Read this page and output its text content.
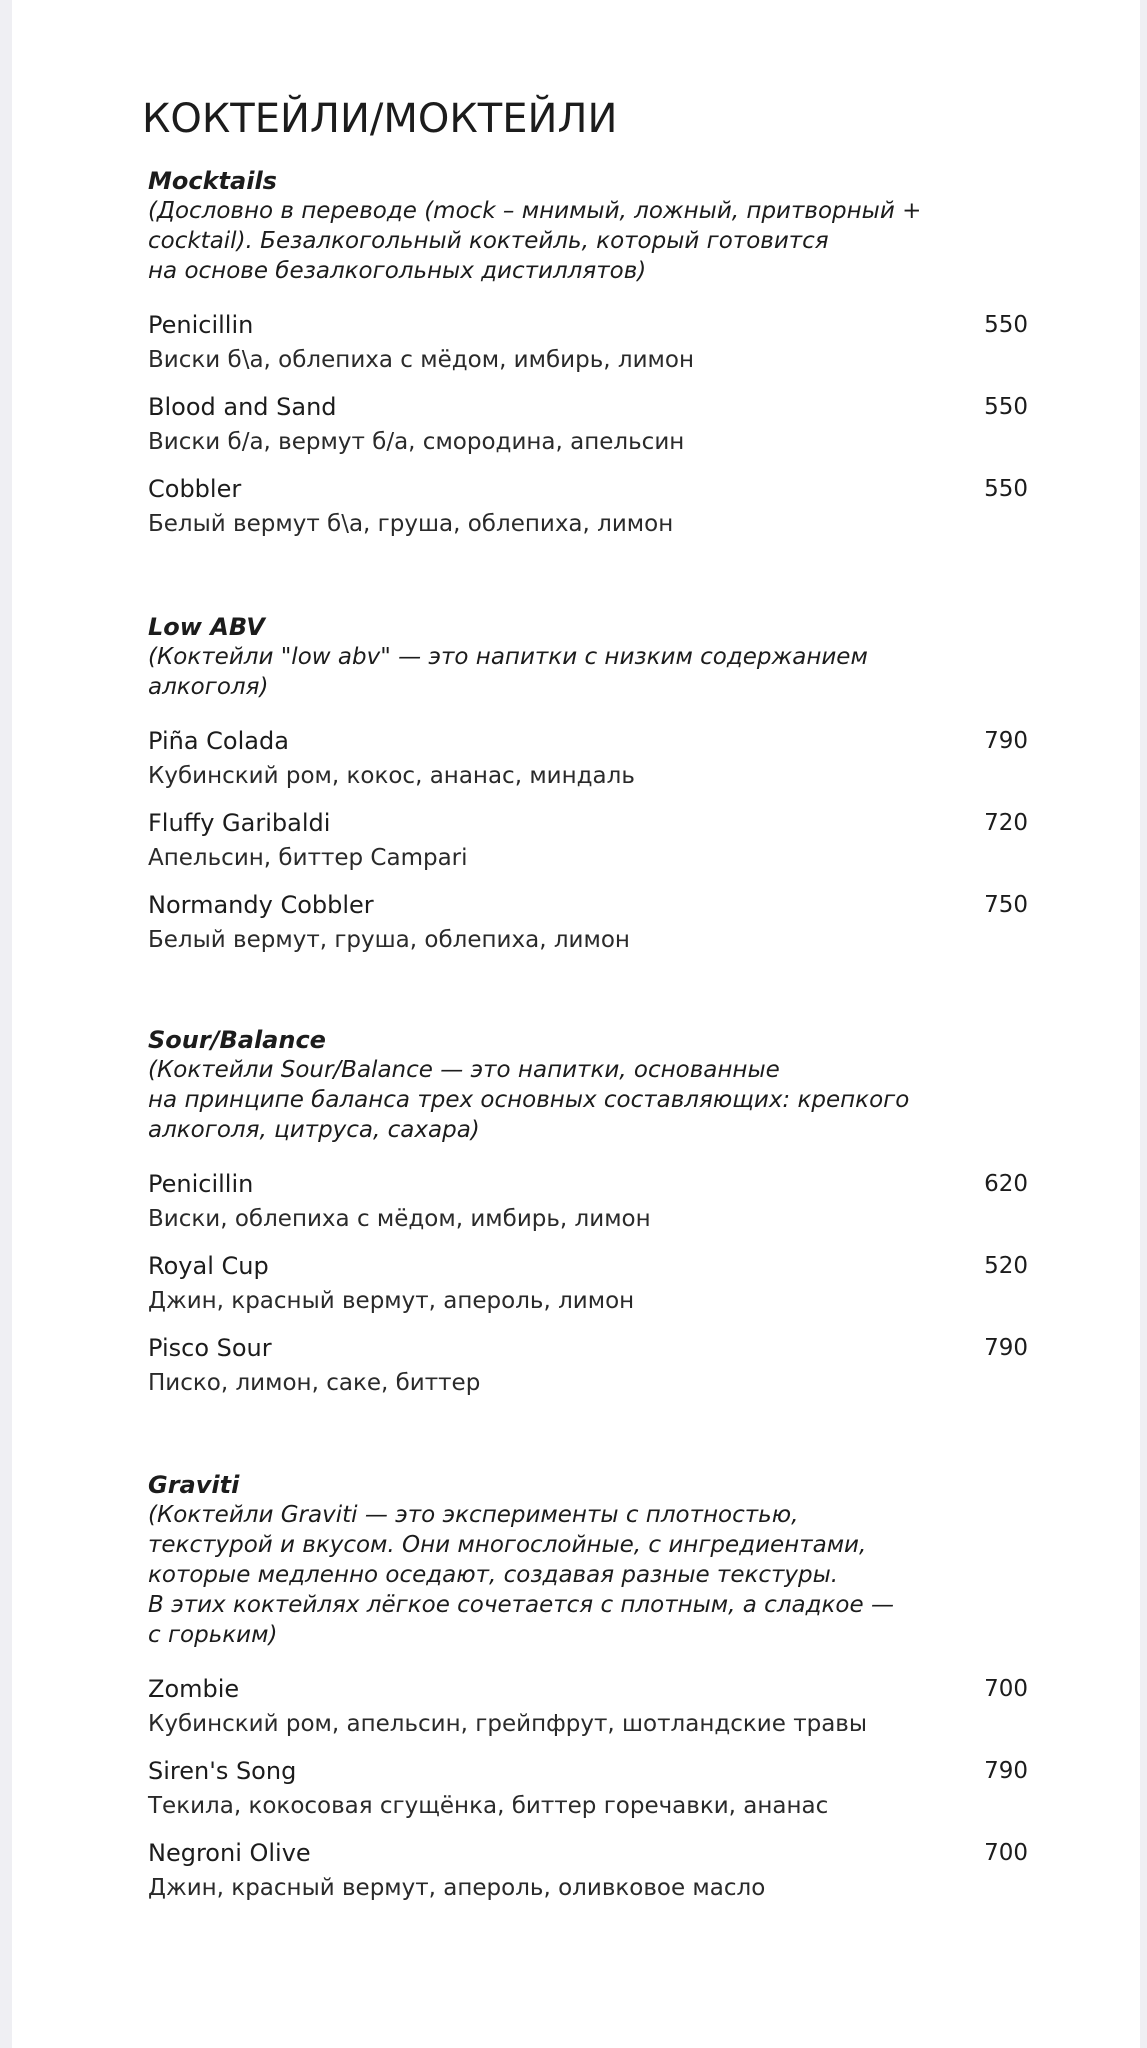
КОКТЕЙЛИ/МОКТЕЙЛИ

Mocktails

(Дословно в переводе (mock – мнимый, ложный, притворный +
cocktail). Безалкогольный коктейль, который готовится
на основе безалкогольных дистиллятов)

Penicillin	550
Виски б\а, облепиха с мёдом, имбирь, лимон
Blood and Sand	550
Виски б/а, вермут б/а, смородина, апельсин
Cobbler	550
Белый вермут б\а, груша, облепиха, лимон

Low ABV

(Коктейли "low abv" — это напитки с низким содержанием
алкоголя)

Piña Colada	790
Кубинский ром, кокос, ананас, миндаль
Fluffy Garibaldi	720
Апельсин, биттер Campari
Normandy Cobbler	750
Белый вермут, груша, облепиха, лимон

Sour/Balance

(Коктейли Sour/Balance — это напитки, основанные
на принципе баланса трех основных составляющих: крепкого
алкоголя, цитруса, сахара)

Penicillin	620
Виски, облепиха с мёдом, имбирь, лимон
Royal Cup	520
Джин, красный вермут, апероль, лимон
Pisco Sour	790
Писко, лимон, саке, биттер

Graviti

(Коктейли Graviti — это эксперименты с плотностью,
текстурой и вкусом. Они многослойные, с ингредиентами,
которые медленно оседают, создавая разные текстуры.
В этих коктейлях лёгкое сочетается с плотным, а сладкое —
с горьким)

Zombie	700
Кубинский ром, апельсин, грейпфрут, шотландские травы
Siren's Song	790
Текила, кокосовая сгущёнка, биттер горечавки, ананас
Negroni Olive	700
Джин, красный вермут, апероль, оливковое масло
